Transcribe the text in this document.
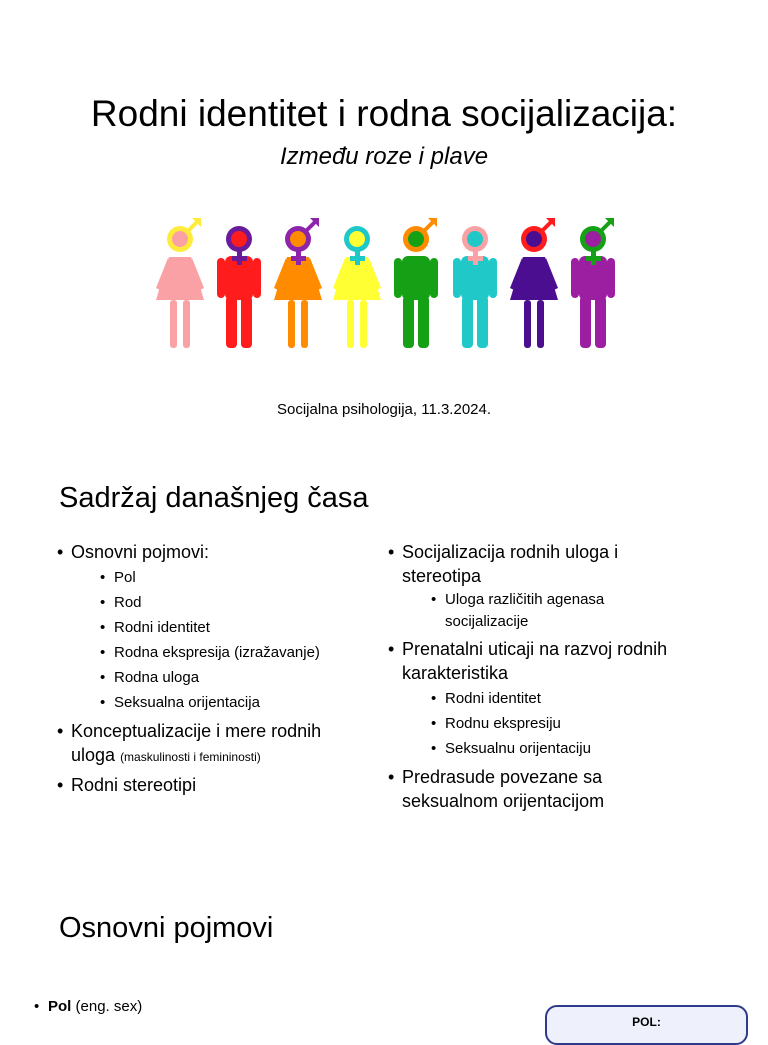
Rodni identitet i rodna socijalizacija:
Između roze i plave
Socijalna psihologija, 11.3.2024.
Sadržaj današnjeg časa
• Osnovni pojmovi:
• Pol
• Rod
• Rodni identitet
• Rodna ekspresija (izražavanje)
• Rodna uloga
• Seksualna orijentacija
• Konceptualizacije i mere rodnih uloga (maskulinosti i femininosti)
• Rodni stereotipi
• Socijalizacija rodnih uloga i stereotipa
• Uloga različitih agenasa socijalizacije
• Prenatalni uticaji na razvoj rodnih karakteristika
• Rodni identitet
• Rodnu ekspresiju
• Seksualnu orijentaciju
• Predrasude povezane sa seksualnom orijentacijom
Osnovni pojmovi
• Pol (eng. sex)
POL:
